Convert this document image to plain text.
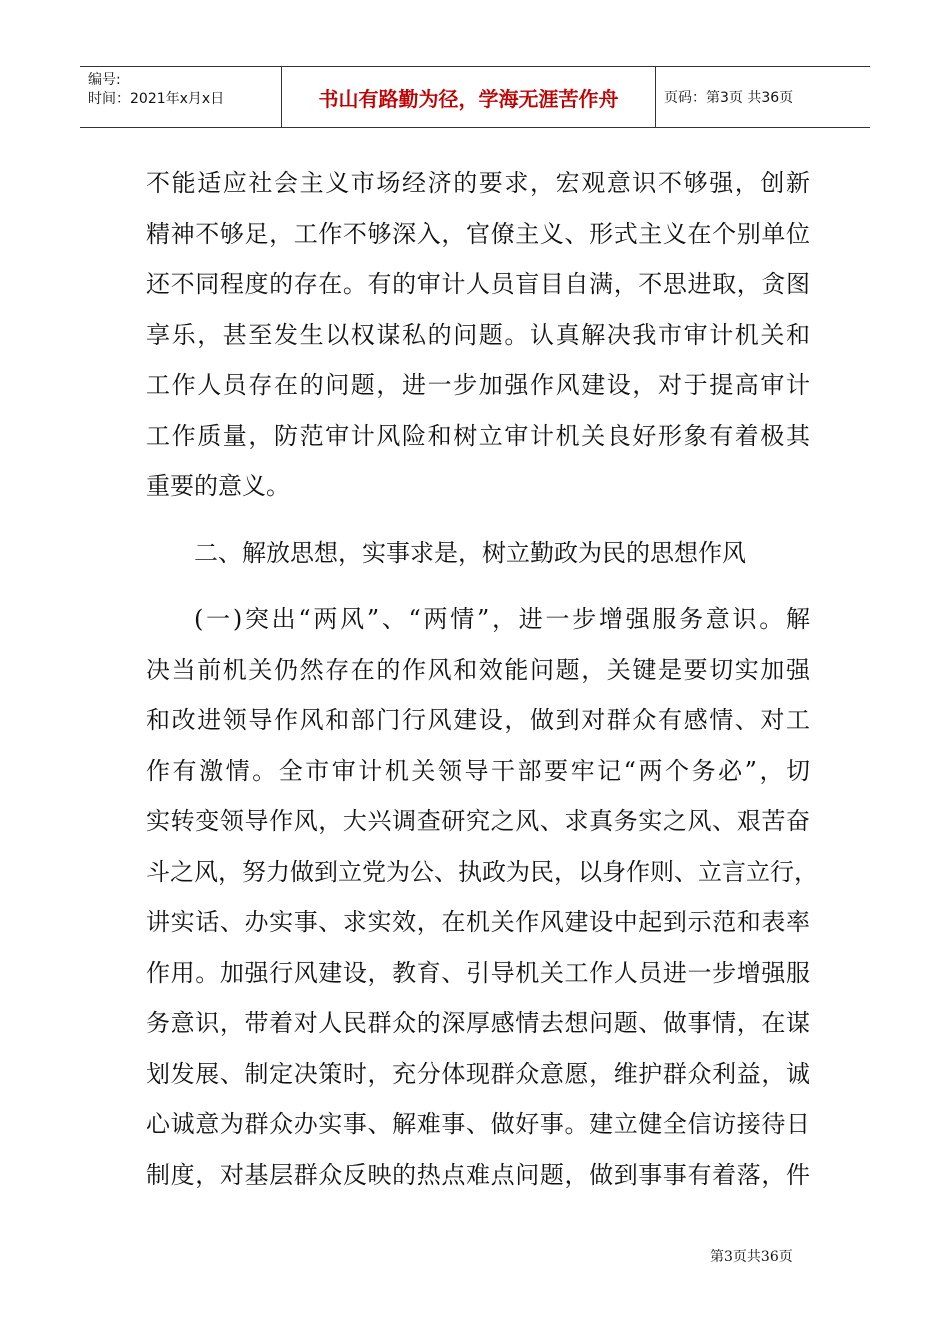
编号:
时间：2021年x月x日	书山有路勤为径，学海无涯苦作舟	页码：第3页 共36页
不能适应社会主义市场经济的要求，宏观意识不够强，创新
精神不够足，工作不够深入，官僚主义、形式主义在个别单位
还不同程度的存在。有的审计人员盲目自满，不思进取，贪图
享乐，甚至发生以权谋私的问题。认真解决我市审计机关和
工作人员存在的问题，进一步加强作风建设，对于提高审计
工作质量，防范审计风险和树立审计机关良好形象有着极其
重要的意义。
二、解放思想，实事求是，树立勤政为民的思想作风
(一)突出“两风”、“两情”，进一步增强服务意识。解
决当前机关仍然存在的作风和效能问题，关键是要切实加强
和改进领导作风和部门行风建设，做到对群众有感情、对工
作有激情。全市审计机关领导干部要牢记“两个务必”，切
实转变领导作风，大兴调查研究之风、求真务实之风、艰苦奋
斗之风，努力做到立党为公、执政为民，以身作则、立言立行，
讲实话、办实事、求实效，在机关作风建设中起到示范和表率
作用。加强行风建设，教育、引导机关工作人员进一步增强服
务意识，带着对人民群众的深厚感情去想问题、做事情，在谋
划发展、制定决策时，充分体现群众意愿，维护群众利益，诚
心诚意为群众办实事、解难事、做好事。建立健全信访接待日
制度，对基层群众反映的热点难点问题，做到事事有着落，件
第3页共36页
